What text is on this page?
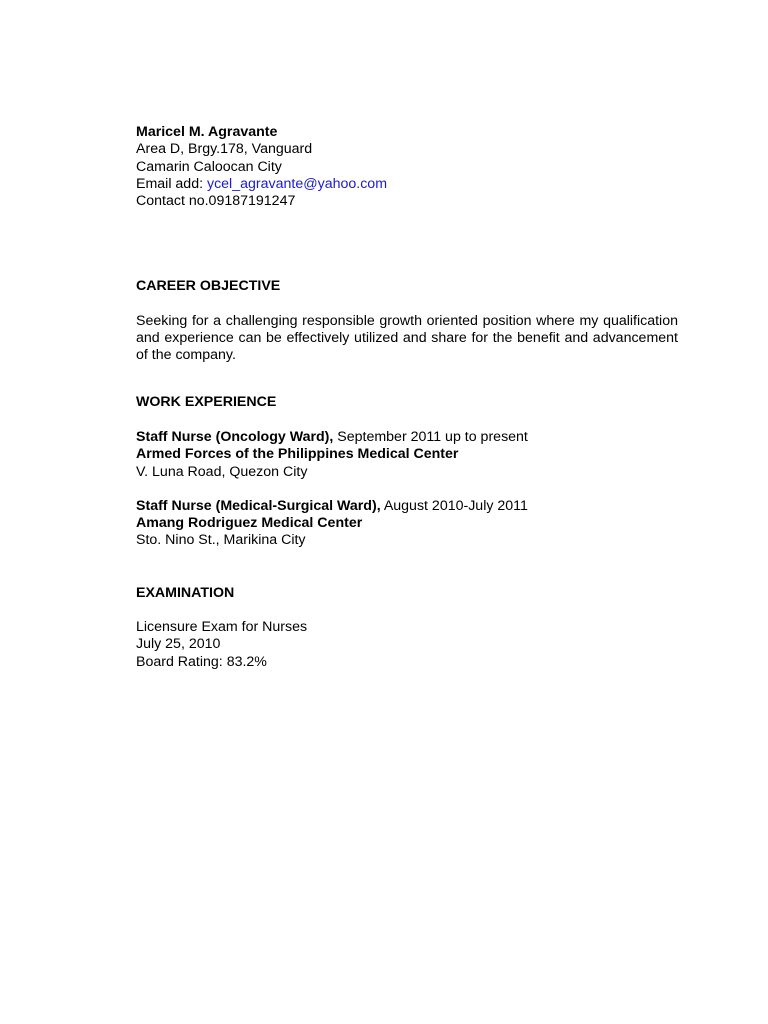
Maricel M. Agravante
Area D, Brgy.178, Vanguard
Camarin Caloocan City
Email add: ycel_agravante@yahoo.com
Contact no.09187191247
CAREER OBJECTIVE
Seeking for a challenging responsible growth oriented position where my qualification and experience can be effectively utilized and share for the benefit and advancement of the company.
WORK EXPERIENCE
Staff Nurse (Oncology Ward), September 2011 up to present
Armed Forces of the Philippines Medical Center
V. Luna Road, Quezon City
Staff Nurse (Medical-Surgical Ward), August 2010-July 2011
Amang Rodriguez Medical Center
Sto. Nino St., Marikina City
EXAMINATION
Licensure Exam for Nurses
July 25, 2010
Board Rating: 83.2%
